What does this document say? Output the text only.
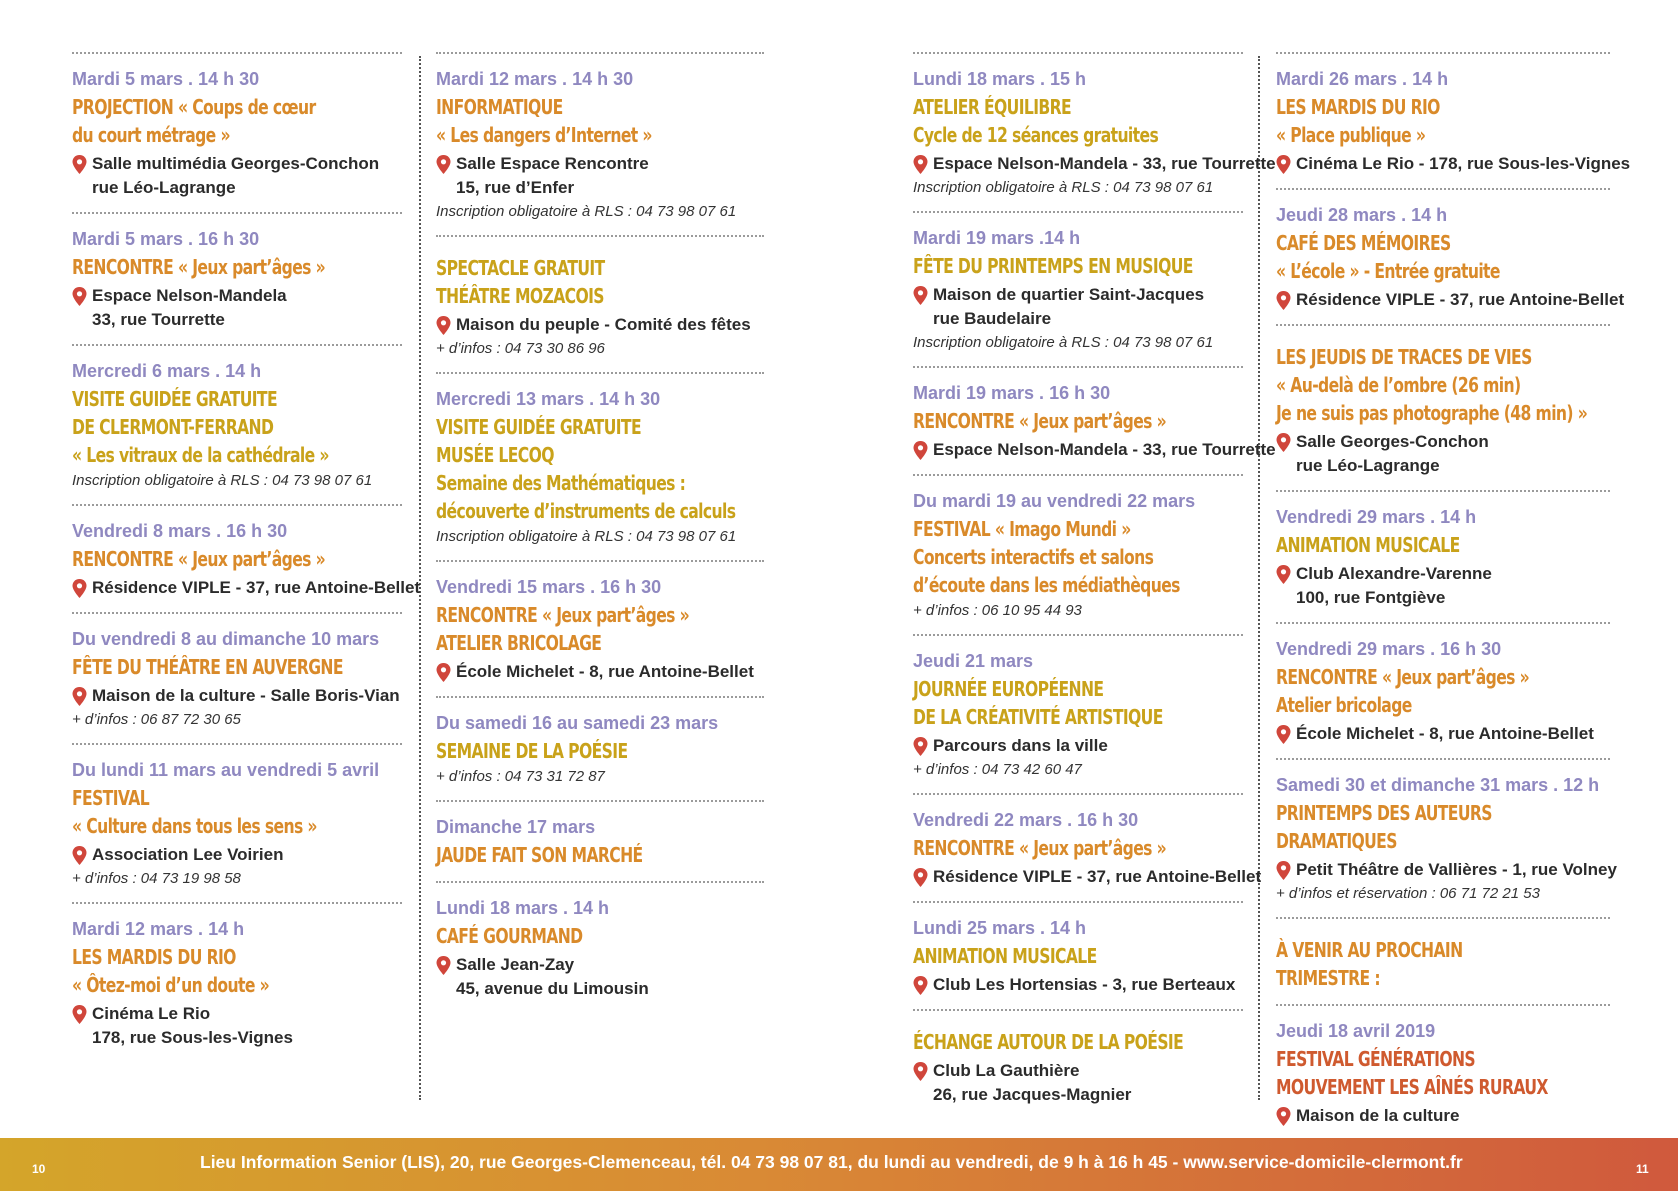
Mardi 5 mars . 14 h 30
PROJECTION « Coups de cœur
du court métrage »
Salle multimédia Georges-Conchon
rue Léo-Lagrange
Mardi 5 mars . 16 h 30
RENCONTRE « Jeux part’âges »
Espace Nelson-Mandela
33, rue Tourrette
Mercredi 6 mars . 14 h
VISITE GUIDÉE GRATUITE
DE CLERMONT-FERRAND
« Les vitraux de la cathédrale »
Inscription obligatoire à RLS : 04 73 98 07 61
Vendredi 8 mars . 16 h 30
RENCONTRE « Jeux part’âges »
Résidence VIPLE - 37, rue Antoine-Bellet
Du vendredi 8 au dimanche 10 mars
FÊTE DU THÉÂTRE EN AUVERGNE
Maison de la culture - Salle Boris-Vian
+ d’infos : 06 87 72 30 65
Du lundi 11 mars au vendredi 5 avril
FESTIVAL
« Culture dans tous les sens »
Association Lee Voirien
+ d’infos : 04 73 19 98 58
Mardi 12 mars . 14 h
LES MARDIS DU RIO
« Ôtez-moi d’un doute »
Cinéma Le Rio
178, rue Sous-les-Vignes
Mardi 12 mars . 14 h 30
INFORMATIQUE
« Les dangers d’Internet »
Salle Espace Rencontre
15, rue d’Enfer
Inscription obligatoire à RLS : 04 73 98 07 61
SPECTACLE GRATUIT
THÉÂTRE MOZACOIS
Maison du peuple - Comité des fêtes
+ d’infos : 04 73 30 86 96
Mercredi 13 mars . 14 h 30
VISITE GUIDÉE GRATUITE
MUSÉE LECOQ
Semaine des Mathématiques :
découverte d’instruments de calculs
Inscription obligatoire à RLS : 04 73 98 07 61
Vendredi 15 mars . 16 h 30
RENCONTRE « Jeux part’âges »
ATELIER BRICOLAGE
École Michelet - 8, rue Antoine-Bellet
Du samedi 16 au samedi 23 mars
SEMAINE DE LA POÉSIE
+ d’infos : 04 73 31 72 87
Dimanche 17 mars
JAUDE FAIT SON MARCHÉ
Lundi 18 mars . 14 h
CAFÉ GOURMAND
Salle Jean-Zay
45, avenue du Limousin
Lundi 18 mars . 15 h
ATELIER ÉQUILIBRE
Cycle de 12 séances gratuites
Espace Nelson-Mandela - 33, rue Tourrette
Inscription obligatoire à RLS : 04 73 98 07 61
Mardi 19 mars .14 h
FÊTE DU PRINTEMPS EN MUSIQUE
Maison de quartier Saint-Jacques
rue Baudelaire
Inscription obligatoire à RLS : 04 73 98 07 61
Mardi 19 mars . 16 h 30
RENCONTRE « Jeux part’âges »
Espace Nelson-Mandela - 33, rue Tourrette
Du mardi 19 au vendredi 22 mars
FESTIVAL « Imago Mundi »
Concerts interactifs et salons
d’écoute dans les médiathèques
+ d’infos : 06 10 95 44 93
Jeudi 21 mars
JOURNÉE EUROPÉENNE
DE LA CRÉATIVITÉ ARTISTIQUE
Parcours dans la ville
+ d’infos : 04 73 42 60 47
Vendredi 22 mars . 16 h 30
RENCONTRE « Jeux part’âges »
Résidence VIPLE - 37, rue Antoine-Bellet
Lundi 25 mars . 14 h
ANIMATION MUSICALE
Club Les Hortensias - 3, rue Berteaux
ÉCHANGE AUTOUR DE LA POÉSIE
Club La Gauthière
26, rue Jacques-Magnier
Mardi 26 mars . 14 h
LES MARDIS DU RIO
« Place publique »
Cinéma Le Rio - 178, rue Sous-les-Vignes
Jeudi 28 mars . 14 h
CAFÉ DES MÉMOIRES
« L’école » - Entrée gratuite
Résidence VIPLE - 37, rue Antoine-Bellet
LES JEUDIS DE TRACES DE VIES
« Au-delà de l’ombre (26 min)
Je ne suis pas photographe (48 min) »
Salle Georges-Conchon
rue Léo-Lagrange
Vendredi 29 mars . 14 h
ANIMATION MUSICALE
Club Alexandre-Varenne
100, rue Fontgiève
Vendredi 29 mars . 16 h 30
RENCONTRE « Jeux part’âges »
Atelier bricolage
École Michelet - 8, rue Antoine-Bellet
Samedi 30 et dimanche 31 mars . 12 h
PRINTEMPS DES AUTEURS
DRAMATIQUES
Petit Théâtre de Vallières - 1, rue Volney
+ d’infos et réservation : 06 71 72 21 53
À VENIR AU PROCHAIN
TRIMESTRE :
Jeudi 18 avril 2019
FESTIVAL GÉNÉRATIONS
MOUVEMENT LES AÎNÉS RURAUX
Maison de la culture
10	Lieu Information Senior (LIS), 20, rue Georges-Clemenceau, tél. 04 73 98 07 81, du lundi au vendredi, de 9 h à 16 h 45 - www.service-domicile-clermont.fr	11
